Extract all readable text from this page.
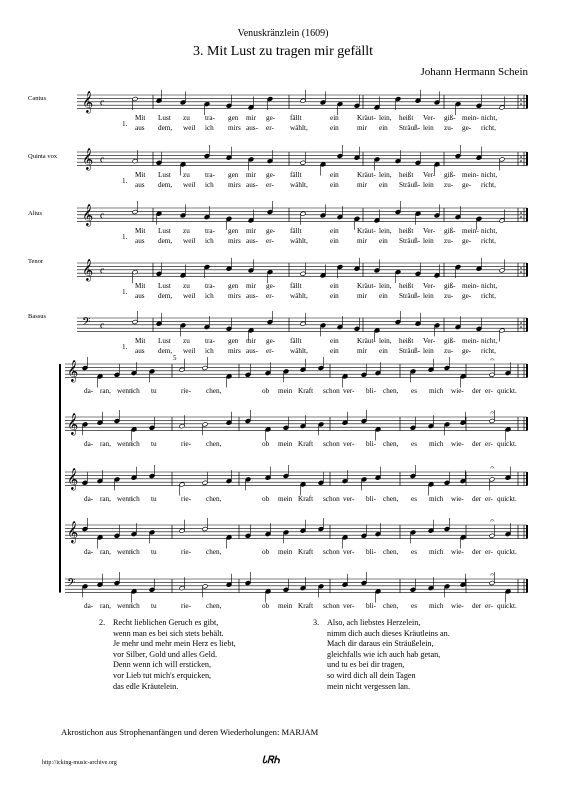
Venuskränzlein (1609)
3. Mit Lust zu tragen mir gefällt
Johann Hermann Schein
Cantus
Quinta vox
Altus
Tenor
Bassus
𝄞 c
𝄞 c
𝄞 c
𝄞 c
𝄢 c
1.
Mit Lust zu tra- gen mir ge- fällt	ein	Kräut- lein, heißt Ver- giß- mein- nicht,
aus dem, weil ich mirs aus- er- wählt,	ein	mir ein Sträuß- lein zu- ge- richt,
1.
Mit Lust zu tra- gen mir ge- fällt	ein	Kräut- lein, heißt Ver- giß- mein- nicht,
aus dem, weil ich mirs aus- er- wählt,	ein	mir ein Sträuß- lein zu- ge- richt,
1.
Mit Lust zu tra- gen mir ge- fällt	ein	Kräut- lein, heißt Ver- giß- mein- nicht,
aus dem, weil ich mirs aus- er- wählt,	ein	mir ein Sträuß- lein zu- ge- richt,
1.
Mit Lust zu tra- gen mir ge- fällt	ein	Kräut- lein, heißt Ver- giß- mein- nicht,
aus dem, weil ich mirs aus- er- wählt,	ein	mir ein Sträuß- lein zu- ge- richt,
1.
Mit Lust zu tra- gen mir ge- fällt	ein	Kräut- lein, heißt Ver- giß- mein- nicht,
aus dem, weil ich mirs aus- er- wählt,	ein	mir ein Sträuß- lein zu- ge- richt,
𝄞
𝄐
𝄞
𝄐
𝄞
𝄐
𝄞
𝄐
𝄢
𝄐
5
da- ran, wenn
ich tu	rie- chen,	ob mein Kraft schon ver- bli- chen, es mich wie- der er- quickt.
da- ran, wenn
ich tu	rie- chen,	ob mein Kraft schon ver- bli- chen, es mich wie- der er- quickt.
da- ran, wenn
ich tu	rie- chen,	ob mein Kraft schon ver- bli- chen, es mich wie- der er- quickt.
da- ran, wenn
ich tu	rie- chen,	ob mein Kraft schon ver- bli- chen, es mich wie- der er- quickt.
da- ran, wenn
ich tu	rie- chen,	ob mein Kraft schon ver- bli- chen, es mich wie- der er- quickt.
2. Recht lieblichen Geruch es gibt,
wenn man es bei sich stets behält.
Je mehr und mehr mein Herz es liebt,
vor Silber, Gold und alles Geld.
Denn wenn ich will ersticken,
vor Lieb tut mich's erquicken,
das edle Kräutelein.
3. Also, ach liebstes Herzelein,
nimm dich auch dieses Kräutleins an.
Mach dir daraus ein Sträußelein,
gleichfalls wie ich auch hab getan,
und tu es bei dir tragen,
so wird dich all dein Tagen
mein nicht vergessen lan.
Akrostichon aus Strophenanfängen und deren Wiederholungen: MARJAM
http://icking-music-archive.org	ᏓᏒᏂ
